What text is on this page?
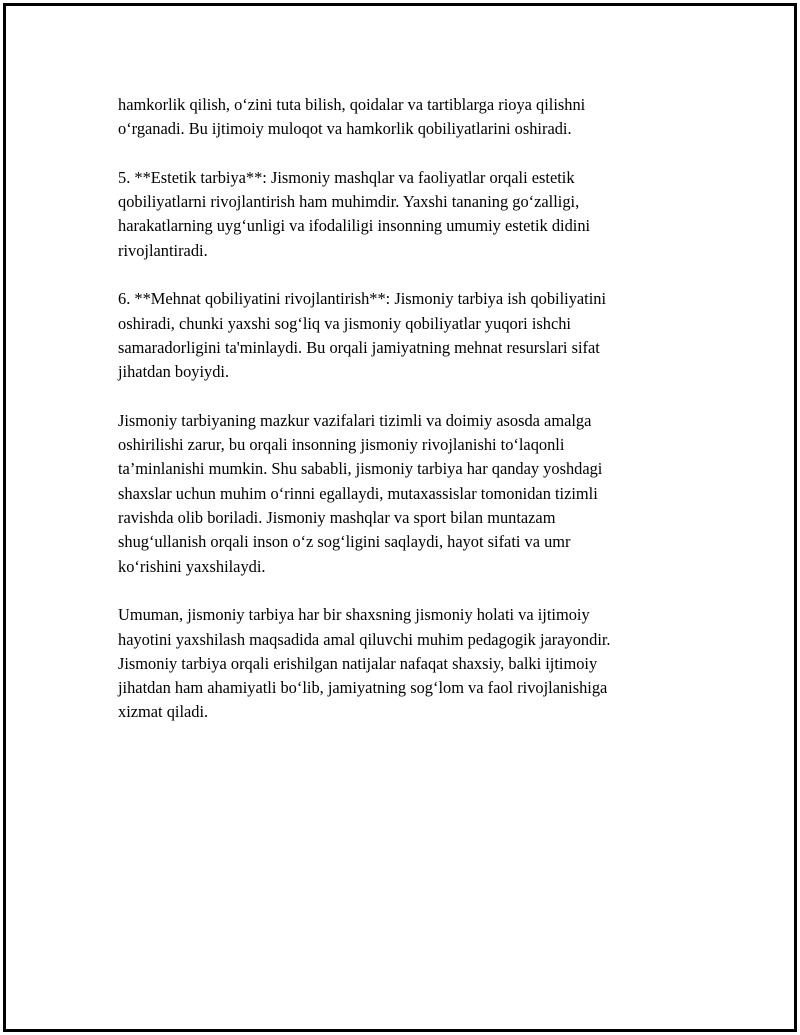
hamkorlik qilish, o‘zini tuta bilish, qoidalar va tartiblarga rioya qilishni
o‘rganadi. Bu ijtimoiy muloqot va hamkorlik qobiliyatlarini oshiradi.

5. **Estetik tarbiya**: Jismoniy mashqlar va faoliyatlar orqali estetik
qobiliyatlarni rivojlantirish ham muhimdir. Yaxshi tananing go‘zalligi,
harakatlarning uyg‘unligi va ifodaliligi insonning umumiy estetik didini
rivojlantiradi.

6. **Mehnat qobiliyatini rivojlantirish**: Jismoniy tarbiya ish qobiliyatini
oshiradi, chunki yaxshi sog‘liq va jismoniy qobiliyatlar yuqori ishchi
samaradorligini ta'minlaydi. Bu orqali jamiyatning mehnat resurslari sifat
jihatdan boyiydi.

Jismoniy tarbiyaning mazkur vazifalari tizimli va doimiy asosda amalga
oshirilishi zarur, bu orqali insonning jismoniy rivojlanishi to‘laqonli
ta’minlanishi mumkin. Shu sababli, jismoniy tarbiya har qanday yoshdagi
shaxslar uchun muhim o‘rinni egallaydi, mutaxassislar tomonidan tizimli
ravishda olib boriladi. Jismoniy mashqlar va sport bilan muntazam
shug‘ullanish orqali inson o‘z sog‘ligini saqlaydi, hayot sifati va umr
ko‘rishini yaxshilaydi.

Umuman, jismoniy tarbiya har bir shaxsning jismoniy holati va ijtimoiy
hayotini yaxshilash maqsadida amal qiluvchi muhim pedagogik jarayondir.
Jismoniy tarbiya orqali erishilgan natijalar nafaqat shaxsiy, balki ijtimoiy
jihatdan ham ahamiyatli bo‘lib, jamiyatning sog‘lom va faol rivojlanishiga
xizmat qiladi.
